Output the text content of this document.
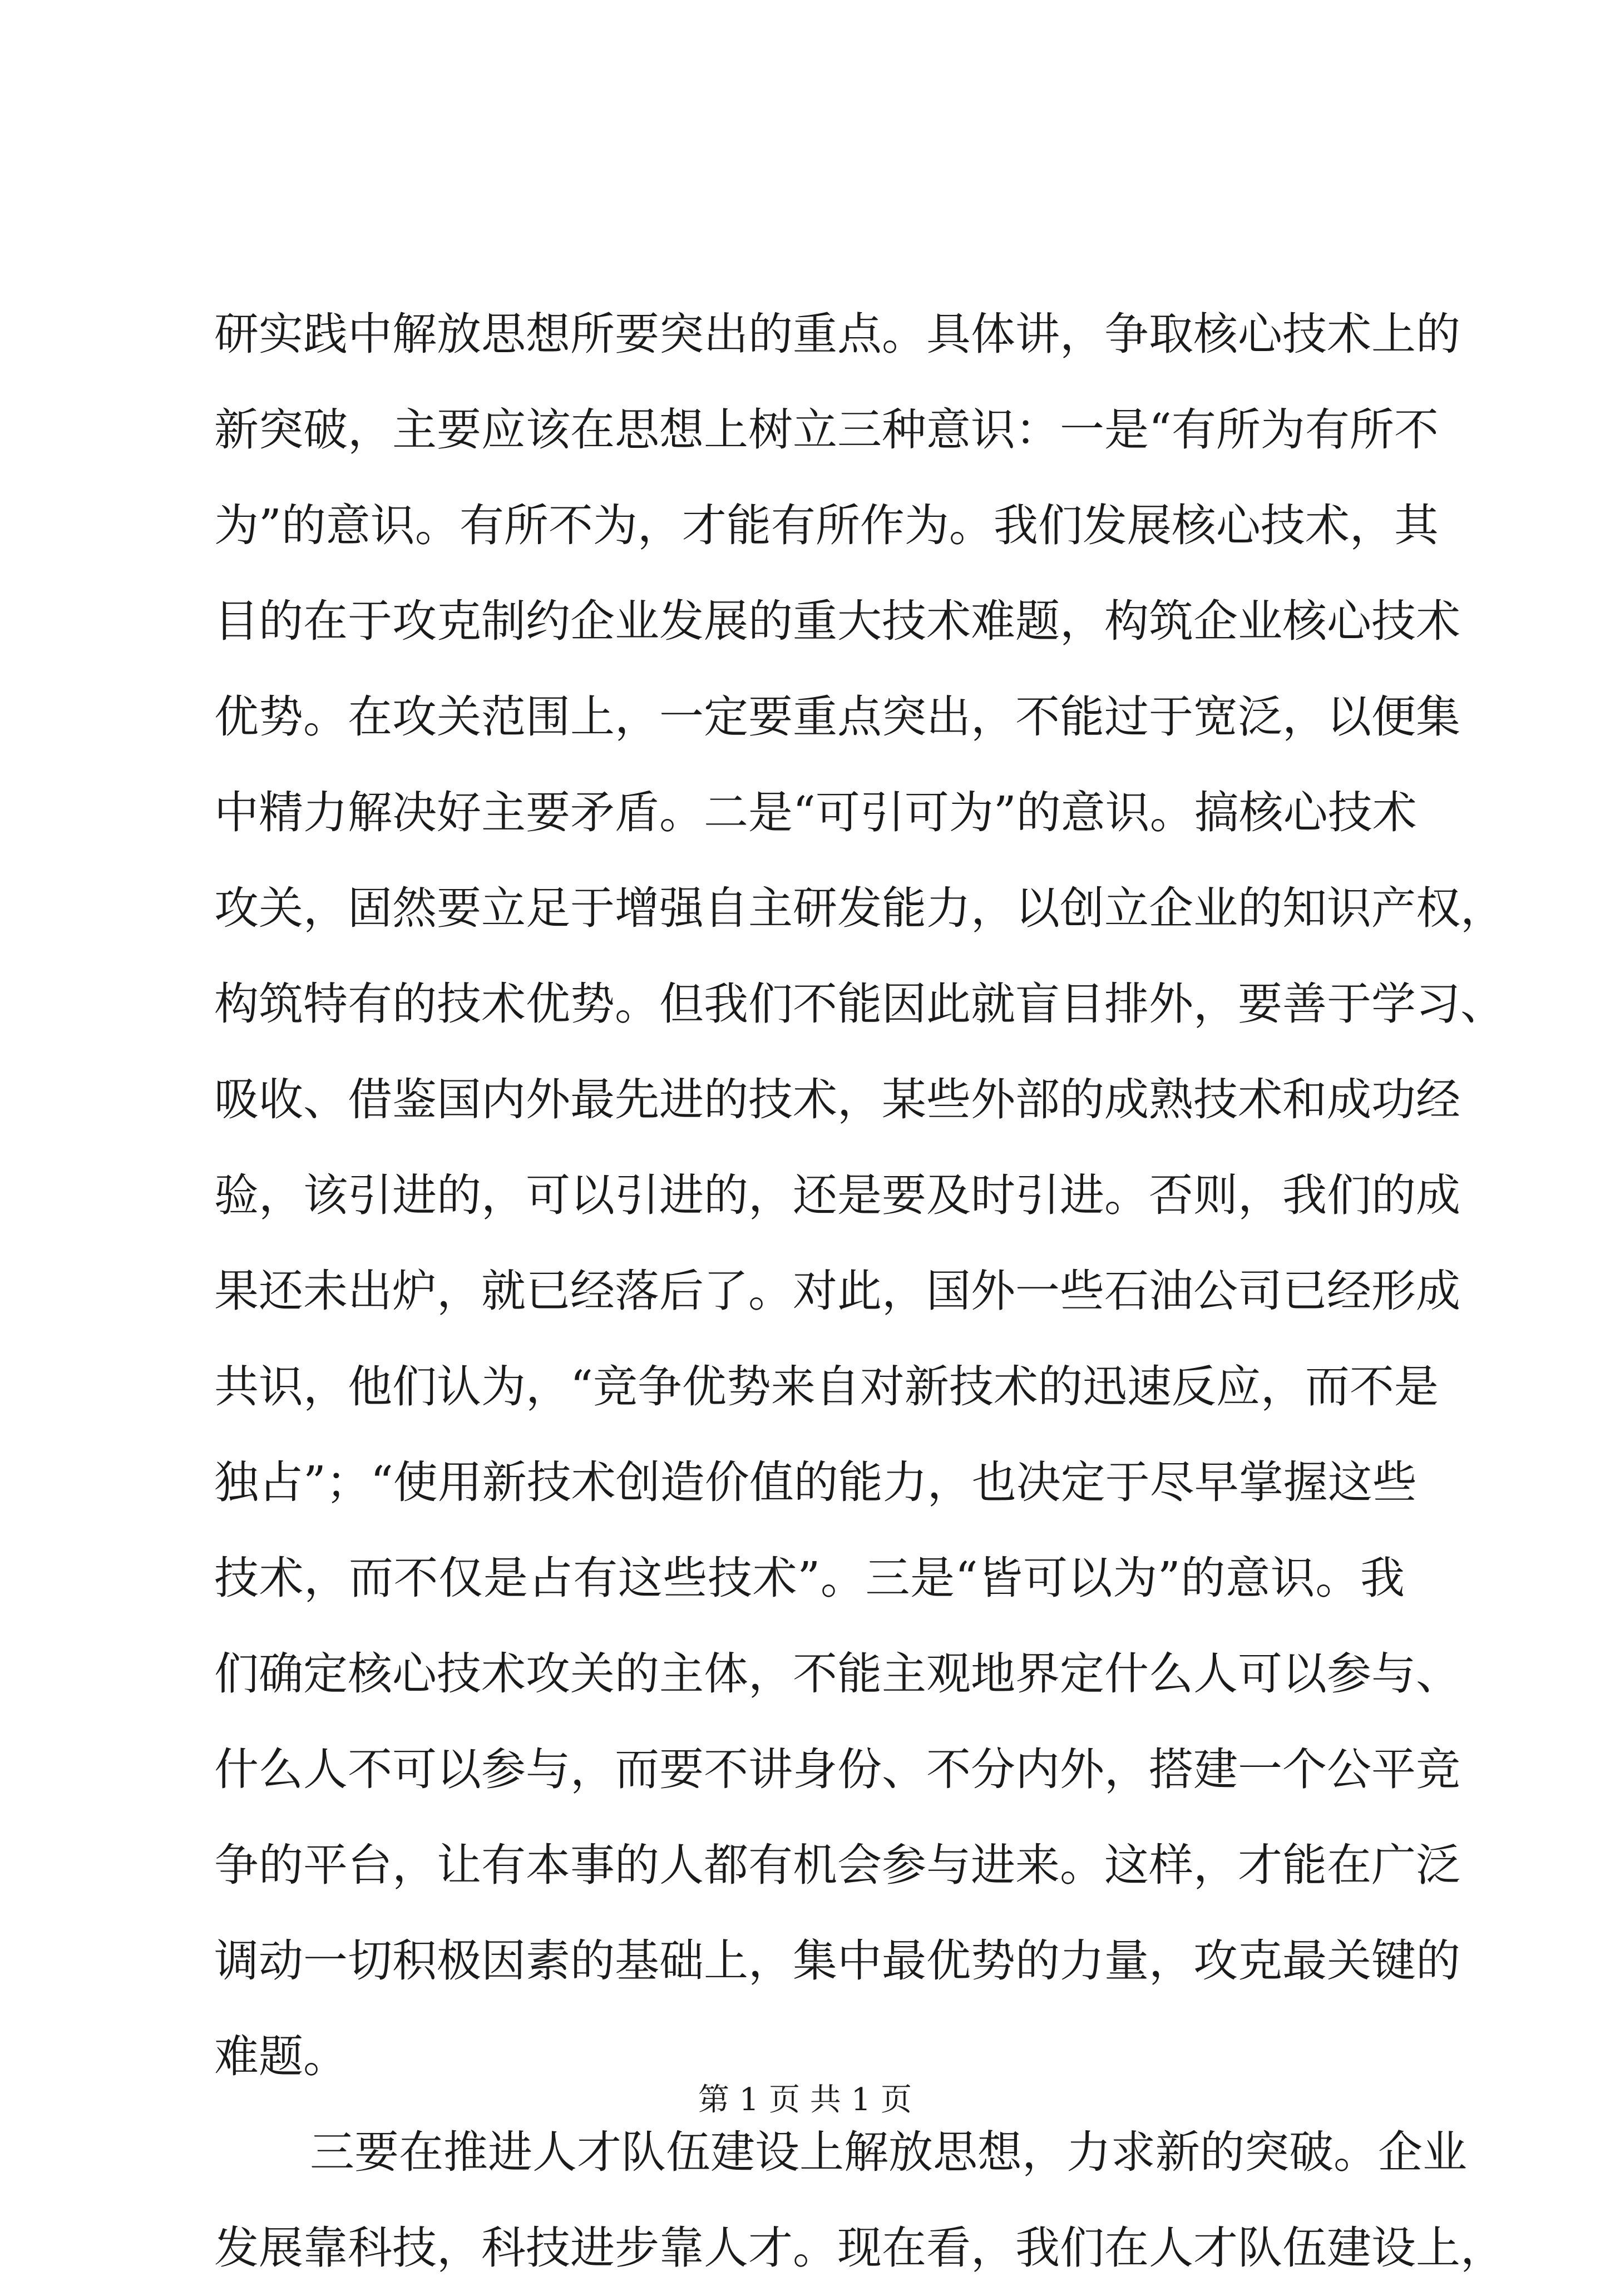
研实践中解放思想所要突出的重点。具体讲，争取核心技术上的
新突破，主要应该在思想上树立三种意识：一是“有所为有所不
为”的意识。有所不为，才能有所作为。我们发展核心技术，其
目的在于攻克制约企业发展的重大技术难题，构筑企业核心技术
优势。在攻关范围上，一定要重点突出，不能过于宽泛，以便集
中精力解决好主要矛盾。二是“可引可为”的意识。搞核心技术
攻关，固然要立足于增强自主研发能力，以创立企业的知识产权，
构筑特有的技术优势。但我们不能因此就盲目排外，要善于学习、
吸收、借鉴国内外最先进的技术，某些外部的成熟技术和成功经
验，该引进的，可以引进的，还是要及时引进。否则，我们的成
果还未出炉，就已经落后了。对此，国外一些石油公司已经形成
共识，他们认为，“竞争优势来自对新技术的迅速反应，而不是
独占”；“使用新技术创造价值的能力，也决定于尽早掌握这些
技术，而不仅是占有这些技术”。三是“皆可以为”的意识。我
们确定核心技术攻关的主体，不能主观地界定什么人可以参与、
什么人不可以参与，而要不讲身份、不分内外，搭建一个公平竞
争的平台，让有本事的人都有机会参与进来。这样，才能在广泛
调动一切积极因素的基础上，集中最优势的力量，攻克最关键的
难题。
三要在推进人才队伍建设上解放思想，力求新的突破。企业
发展靠科技，科技进步靠人才。现在看，我们在人才队伍建设上，
第 1 页 共 1 页
